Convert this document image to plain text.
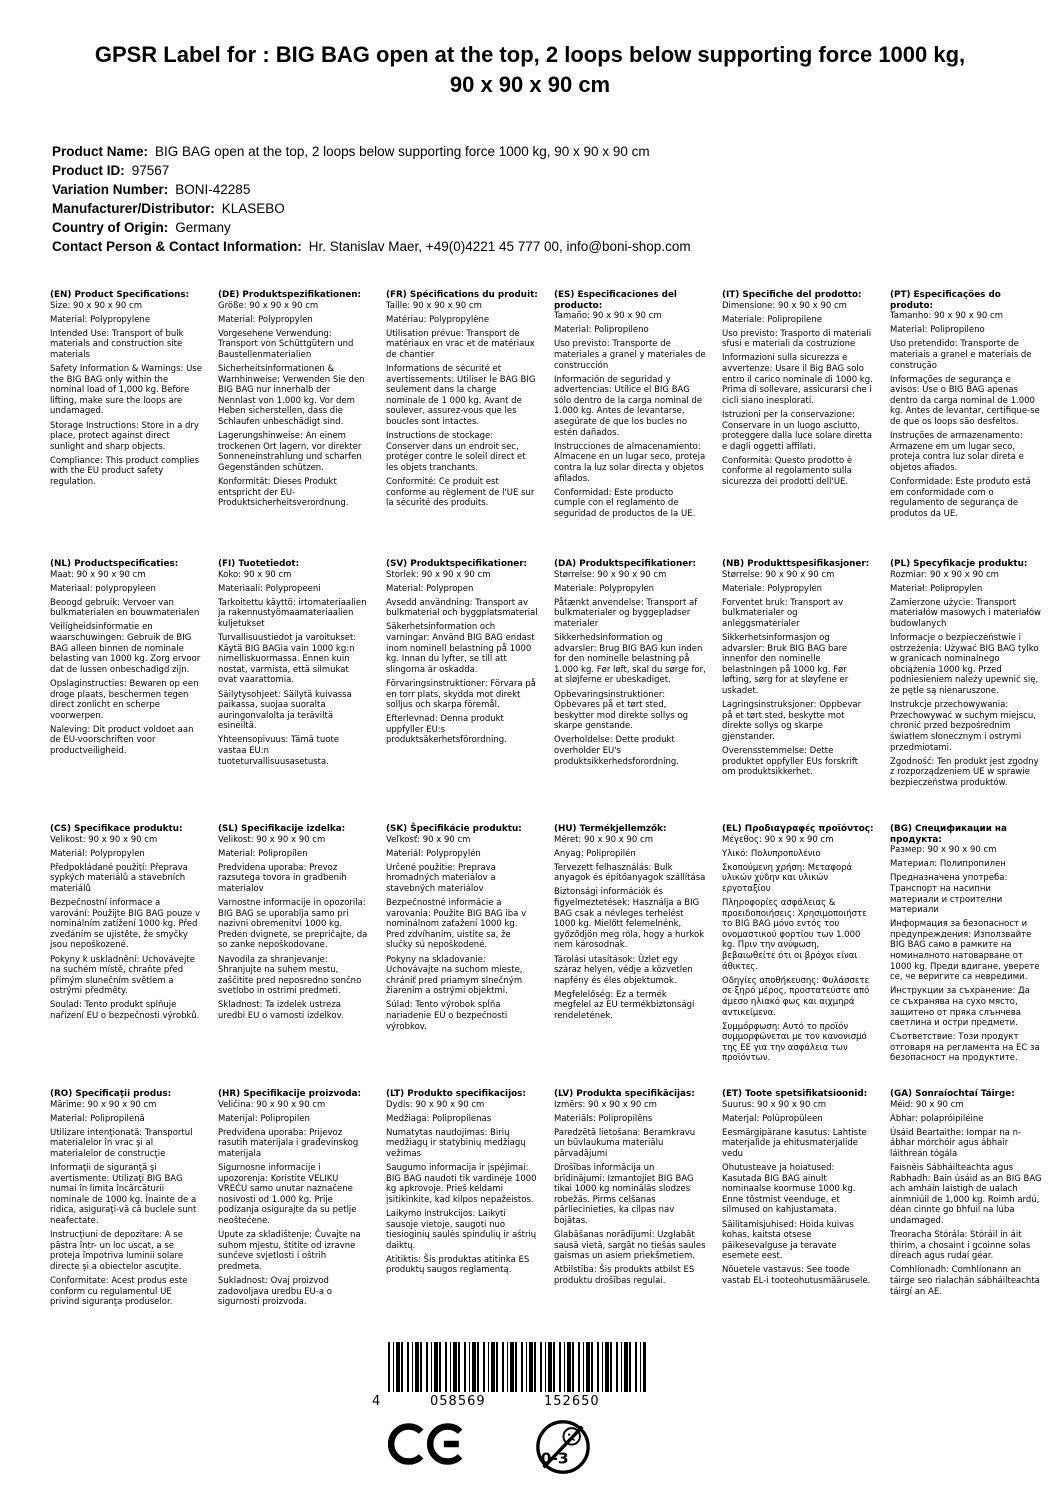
GPSR Label for : BIG BAG open at the top, 2 loops below supporting force 1000 kg, 90 x 90 x 90 cm
Product Name: BIG BAG open at the top, 2 loops below supporting force 1000 kg, 90 x 90 x 90 cm
Product ID: 97567
Variation Number: BONI-42285
Manufacturer/Distributor: KLASEBO
Country of Origin: Germany
Contact Person & Contact Information: Hr. Stanislav Maer, +49(0)4221 45 777 00, info@boni-shop.com
(EN) Product Specifications:

Size: 90 x 90 x 90 cm

Material: Polypropylene

Intended Use: Transport of bulk materials and construction site materials

Safety Information & Warnings: Use the BIG BAG only within the nominal load of 1,000 kg. Before lifting, make sure the loops are undamaged.

Storage Instructions: Store in a dry place, protect against direct sunlight and sharp objects.

Compliance: This product complies with the EU product safety regulation.

(DE) Produktspezifikationen:

Größe: 90 x 90 x 90 cm

Material: Polypropylen

Vorgesehene Verwendung: Transport von Schüttgütern und Baustellenmaterialien

Sicherheitsinformationen & Warnhinweise: Verwenden Sie den BIG BAG nur innerhalb der Nennlast von 1.000 kg. Vor dem Heben sicherstellen, dass die Schlaufen unbeschädigt sind.

Lagerungshinweise: An einem trockenen Ort lagern, vor direkter Sonneneinstrahlung und scharfen Gegenständen schützen.

Konformität: Dieses Produkt entspricht der EU-Produktsicherheitsverordnung.

(FR) Spécifications du produit:

Taille: 90 x 90 x 90 cm

Matériau: Polypropylène

Utilisation prévue: Transport de matériaux en vrac et de matériaux de chantier

Informations de sécurité et avertissements: Utiliser le BAG BIG seulement dans la charge nominale de 1 000 kg. Avant de soulever, assurez-vous que les boucles sont intactes.

Instructions de stockage: Conserver dans un endroit sec, protéger contre le soleil direct et les objets tranchants.

Conformité: Ce produit est conforme au règlement de l'UE sur la sécurité des produits.

(ES) Especificaciones del producto:

Tamaño: 90 x 90 x 90 cm

Material: Polipropileno

Uso previsto: Transporte de materiales a granel y materiales de construcción

Información de seguridad y advertencias: Utilice el BIG BAG sólo dentro de la carga nominal de 1.000 kg. Antes de levantarse, asegúrate de que los bucles no estén dañados.

Instrucciones de almacenamiento: Almacene en un lugar seco, proteja contra la luz solar directa y objetos afilados.

Conformidad: Este producto cumple con el reglamento de seguridad de productos de la UE.

(IT) Specifiche del prodotto:

Dimensione: 90 x 90 x 90 cm

Materiale: Polipropilene

Uso previsto: Trasporto di materiali sfusi e materiali da costruzione

Informazioni sulla sicurezza e avvertenze: Usare il Big BAG solo entro il carico nominale di 1000 kg. Prima di sollevare, assicurarsi che i cicli siano inesplorati.

Istruzioni per la conservazione: Conservare in un luogo asciutto, proteggere dalla luce solare diretta e dagli oggetti affilati.

Conformità: Questo prodotto è conforme al regolamento sulla sicurezza dei prodotti dell'UE.

(PT) Especificações do produto:

Tamanho: 90 x 90 x 90 cm

Material: Polipropileno

Uso pretendido: Transporte de materiais a granel e materiais de construção

Informações de segurança e avisos: Use o BIG BAG apenas dentro da carga nominal de 1.000 kg. Antes de levantar, certifique-se de que os loops são desfeitos.

Instruções de armazenamento: Armazene em um lugar seco, proteja contra luz solar direta e objetos afiados.

Conformidade: Este produto está em conformidade com o regulamento de segurança de produtos da UE.

(NL) Productspecificaties:

Maat: 90 x 90 x 90 cm

Materiaal: polypropyleen

Beoogd gebruik: Vervoer van bulkmaterialen en bouwmaterialen

Veiligheidsinformatie en waarschuwingen: Gebruik de BIG BAG alleen binnen de nominale belasting van 1000 kg. Zorg ervoor dat de lussen onbeschadigd zijn.

Opslaginstructies: Bewaren op een droge plaats, beschermen tegen direct zonlicht en scherpe voorwerpen.

Naleving: Dit product voldoet aan de EU-voorschriften voor productveiligheid.

(FI) Tuotetiedot:

Koko: 90 x 90 cm

Materiaali: Polypropeeni

Tarkoitettu käyttö: irtomateriaalien ja rakennustyömaamateriaalien kuljetukset

Turvallisuustiedot ja varoitukset: Käytä BIG BAGia vain 1000 kg:n nimelliskuormassa. Ennen kuin nostat, varmista, että silmukat ovat vaarattomia.

Säilytysohjeet: Säilytä kuivassa paikassa, suojaa suoralta auringonvalolta ja teräviltä esineiltä.

Yhteensopivuus: Tämä tuote vastaa EU:n tuoteturvallisuusasetusta.

(SV) Produktspecifikationer:

Storlek: 90 x 90 x 90 cm

Material: Polypropen

Avsedd användning: Transport av bulkmaterial och byggplatsmaterial

Säkerhetsinformation och varningar: Använd BIG BAG endast inom nominell belastning på 1000 kg. Innan du lyfter, se till att slingorna är oskadda.

Förvaringsinstruktioner: Förvara på en torr plats, skydda mot direkt solljus och skarpa föremål.

Efterlevnad: Denna produkt uppfyller EU:s produktsäkerhetsförordning.

(DA) Produktspecifikationer:

Størrelse: 90 x 90 x 90 cm

Materiale: Polypropylen

Påtænkt anvendelse: Transport af bulkmaterialer og byggepladser materialer

Sikkerhedsinformation og advarsler: Brug BIG BAG kun inden for den nominelle belastning på 1.000 kg. Før løft, skal du sørge for, at sløjferne er ubeskadiget.

Opbevaringsinstruktioner: Opbevares på et tørt sted, beskytter mod direkte sollys og skarpe genstande.

Overholdelse: Dette produkt overholder EU's produktsikkerhedsforordning.

(NB) Produkttspesifikasjoner:

Størrelse: 90 x 90 x 90 cm

Materiale: Polypropylen

Forventet bruk: Transport av bulkmaterialer og anleggsmaterialer

Sikkerhetsinformasjon og advarsler: Bruk BIG BAG bare innenfor den nominelle belastningen på 1000 kg. Før løfting, sørg for at sløyfene er uskadet.

Lagringsinstruksjoner: Oppbevar på et tørt sted, beskytte mot direkte sollys og skarpe gjenstander.

Overensstemmelse: Dette produktet oppfyller EUs forskrift om produktsikkerhet.

(PL) Specyfikacje produktu:

Rozmiar: 90 x 90 x 90 cm

Materiał: Polipropylen

Zamierzone użycie: Transport materiałów masowych i materiałów budowlanych

Informacje o bezpieczeństwie i ostrzeżenia: Używać BIG BAG tylko w granicach nominalnego obciążenia 1000 kg. Przed podniesieniem należy upewnić się, że pętle są nienaruszone.

Instrukcje przechowywania: Przechowywać w suchym miejscu, chronić przed bezpośrednim światłem słonecznym i ostrymi przedmiotami.

Zgodność: Ten produkt jest zgodny z rozporządzeniem UE w sprawie bezpieczeństwa produktów.

(CS) Specifikace produktu:

Velikost: 90 x 90 x 90 cm

Materiál: Polypropylen

Předpokládané použití: Přeprava sypkých materiálů a stavebních materiálů

Bezpečnostní informace a varování: Použijte BIG BAG pouze v nominálním zatížení 1000 kg. Před zvedáním se ujistěte, že smyčky jsou nepoškozené.

Pokyny k uskladnění: Uchovávejte na suchém místě, chraňte před přímým slunečním světlem a ostrými předměty.

Soulad: Tento produkt splňuje nařízení EU o bezpečnosti výrobků.

(SL) Specifikacije izdelka:

Velikost: 90 x 90 x 90 cm

Material: Polipropilen

Predvidena uporaba: Prevoz razsutega tovora in gradbenih materialov

Varnostne informacije in opozorila: BIG BAG se uporablja samo pri nazivni obremenitvi 1000 kg. Preden dvignete, se prepričajte, da so zanke nepoškodovane.

Navodila za shranjevanje: Shranjujte na suhem mestu, zaščitite pred neposredno sončno svetlobo in ostrimi predmeti.

Skladnost: Ta izdelek ustreza uredbi EU o varnosti izdelkov.

(SK) Špecifikácie produktu:

Veľkosť: 90 x 90 cm

Materiál: Polypropylén

Určené použitie: Preprava hromadných materiálov a stavebných materiálov

Bezpečnostné informácie a varovania: Použite BIG BAG iba v nominálnom zaťažení 1000 kg. Pred zdvíhaním, uistite sa, že slučky sú nepoškodené.

Pokyny na skladovanie: Uchovávajte na suchom mieste, chrániť pred priamym slnečným žiarením a ostrými objektmi.

Súlad: Tento výrobok spĺňa nariadenie EÚ o bezpečnosti výrobkov.

(HU) Termékjellemzők:

Méret: 90 x 90 x 90 cm

Anyag: Polipropilén

Tervezett felhasználás: Bulk anyagok és építőanyagok szállítása

Biztonsági információk és figyelmeztetések: Használja a BIG BAG csak a névleges terhelést 1000 kg. Mielőtt felemelnénk, győződjön meg róla, hogy a hurkok nem károsodnak.

Tárolási utasítások: Üzlet egy száraz helyen, védje a közvetlen napfény és éles objektumok.

Megfelelőség: Ez a termék megfelel az EU termékbiztonsági rendeletének.

(EL) Προδιαγραφές προϊόντος:

Μέγεθος: 90 x 90 x 90 cm

Υλικό: Πολυπροπυλένιο

Σκοπούμενη χρήση: Μεταφορά υλικών χύδην και υλικών εργοταξίου

Πληροφορίες ασφάλειας & προειδοποιήσεις: Χρησιμοποιήστε το BIG BAG μόνο εντός του ονομαστικού φορτίου των 1.000 kg. Πριν την ανύψωση, βεβαιωθείτε ότι οι βρόχοι είναι άθικτες.

Οδηγίες αποθήκευσης: Φυλάσσετε σε ξηρό μέρος, προστατεύστε από άμεσο ηλιακό φως και αιχμηρά αντικείμενα.

Συμμόρφωση: Αυτό το προϊόν συμμορφώνεται με τον κανονισμό της ΕΕ για την ασφάλεια των προϊόντων.

(BG) Спецификации на продукта:

Размер: 90 x 90 x 90 cm

Материал: Полипропилен

Предназначена употреба: Транспорт на насипни материали и строителни материали

Информация за безопасност и предупреждения: Използвайте BIG BAG само в рамките на номиналното натоварване от 1000 kg. Преди вдигане, уверете се, че веригите са невредими.

Инструкции за съхранение: Да се съхранява на сухо място, защитено от пряка слънчева светлина и остри предмети.

Съответствие: Този продукт отговаря на регламента на ЕС за безопасност на продуктите.

(RO) Specificaţii produs:

Mărime: 90 x 90 x 90 cm

Material: Polipropilenă

Utilizare intenţionată: Transportul materialelor în vrac şi al materialelor de construcţie

Informaţii de siguranţă şi avertismente: Utilizaţi BIG BAG numai în limita încărcăturii nominale de 1000 kg. Înainte de a ridica, asiguraţi-vă că buclele sunt neafectate.

Instrucţiuni de depozitare: A se păstra într- un loc uscat, a se proteja împotriva luminii solare directe şi a obiectelor ascuţite.

Conformitate: Acest produs este conform cu regulamentul UE privind siguranţa produselor.

(HR) Specifikacije proizvoda:

Veličina: 90 x 90 x 90 cm

Materijal: Polipropilen

Predviđena uporaba: Prijevoz rasutih materijala i građevinskog materijala

Sigurnosne informacije i upozorenja: Koristite VELIKU VREĆU samo unutar naznačene nosivosti od 1.000 kg. Prije podizanja osigurajte da su petlje neoštećene.

Upute za skladištenje: Čuvajte na suhom mjestu, štitite od izravne sunčeve svjetlosti i oštrih predmeta.

Sukladnost: Ovaj proizvod zadovoljava uredbu EU-a o sigurnosti proizvoda.

(LT) Produkto specifikacijos:

Dydis: 90 x 90 x 90 cm

Medžiaga: Polipropilenas

Numatytas naudojimas: Birių medžiagų ir statybinių medžiagų vežimas

Saugumo informacija ir įspėjimai: BIG BAG naudoti tik vardinėje 1000 kg apkrovoje. Prieš keldami įsitikinkite, kad kilpos nepažeistos.

Laikymo instrukcijos: Laikyti sausoje vietoje, saugoti nuo tiesioginių saulės spindulių ir aštrių daiktų.

Atitiktis: Šis produktas atitinka ES produktų saugos reglamentą.

(LV) Produkta specifikācijas:

Izmērs: 90 x 90 x 90 cm

Materiāls: Polipropilēns

Paredzētā lietošana: Beramkravu un būvlaukuma materiālu pārvadājumi

Drošības informācija un brīdinājumi: Izmantojiet BIG BAG tikai 1000 kg nominālās slodzes robežās. Pirms celšanas pārliecinieties, ka cilpas nav bojātas.

Glabāšanas norādījumi: Uzglabāt sausā vietā, sargāt no tiešas saules gaismas un asiem priekšmetiem.

Atbilstība: Šis produkts atbilst ES produktu drošības regulai.

(ET) Toote spetsifikatsioonid:

Suurus: 90 x 90 x 90 cm

Materjal: Polüpropüleen

Eesmärgipärane kasutus: Lahtiste materjalide ja ehitusmaterjalide vedu

Ohutusteave ja hoiatused: Kasutada BIG BAG ainult nominaalse koormuse 1000 kg. Enne tõstmist veenduge, et silmused on kahjustamata.

Säilitamisjuhised: Hoida kuivas kohas, kaitsta otsese päikesevalguse ja teravate esemete eest.

Nõuetele vastavus: See toode vastab EL-i tooteohutusmäärusele.

(GA) Sonraíochtaí Táirge:

Méid: 90 x 90 cm

Ábhar: polapróipiléine

Úsáid Beartaithe: Iompar na n-ábhar mórchóir agus ábhair láithreán tógála

Faisnéis Sábháilteachta agus Rabhadh: Bain úsáid as an BIG BAG ach amháin laistigh de ualach ainmniúil de 1,000 kg. Roimh ardú, déan cinnte go bhfuil na lúba undamaged.

Treoracha Stórála: Stóráil in áit thirim, a chosaint i gcoinne solas díreach agus rudaí géar.

Comhlíonadh: Comhlíonann an táirge seo rialachán sábháilteachta táirgí an AE.

4	058569	152650
0-3
